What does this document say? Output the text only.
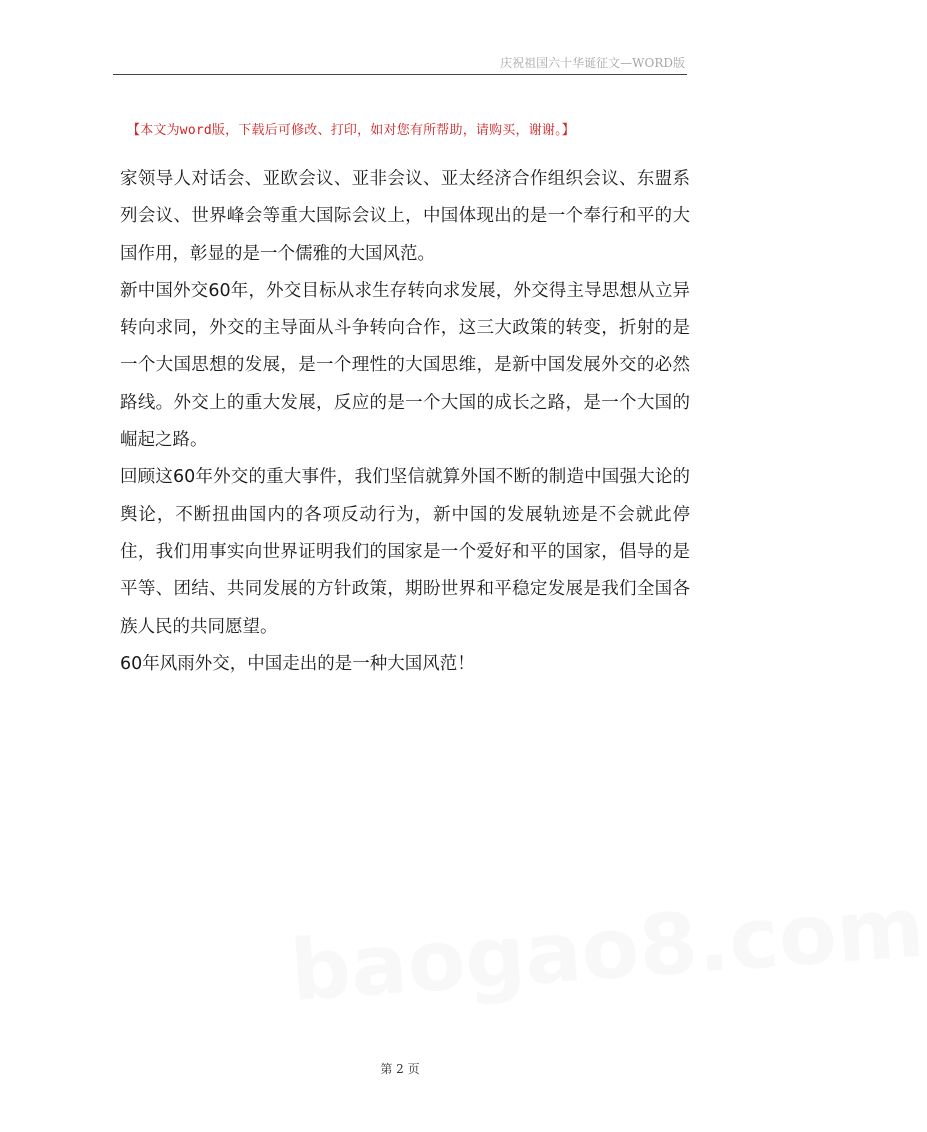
庆祝祖国六十华诞征文—WORD版
【本文为word版，下载后可修改、打印，如对您有所帮助，请购买，谢谢。】

家领导人对话会、亚欧会议、亚非会议、亚太经济合作组织会议、东盟系列会议、世界峰会等重大国际会议上，中国体现出的是一个奉行和平的大国作用，彰显的是一个儒雅的大国风范。

新中国外交60年，外交目标从求生存转向求发展，外交得主导思想从立异转向求同，外交的主导面从斗争转向合作，这三大政策的转变，折射的是一个大国思想的发展，是一个理性的大国思维，是新中国发展外交的必然路线。外交上的重大发展，反应的是一个大国的成长之路，是一个大国的崛起之路。

回顾这60年外交的重大事件，我们坚信就算外国不断的制造中国强大论的舆论，不断扭曲国内的各项反动行为，新中国的发展轨迹是不会就此停住，我们用事实向世界证明我们的国家是一个爱好和平的国家，倡导的是平等、团结、共同发展的方针政策，期盼世界和平稳定发展是我们全国各族人民的共同愿望。

60年风雨外交，中国走出的是一种大国风范！

baogao8.com
第 2 页
